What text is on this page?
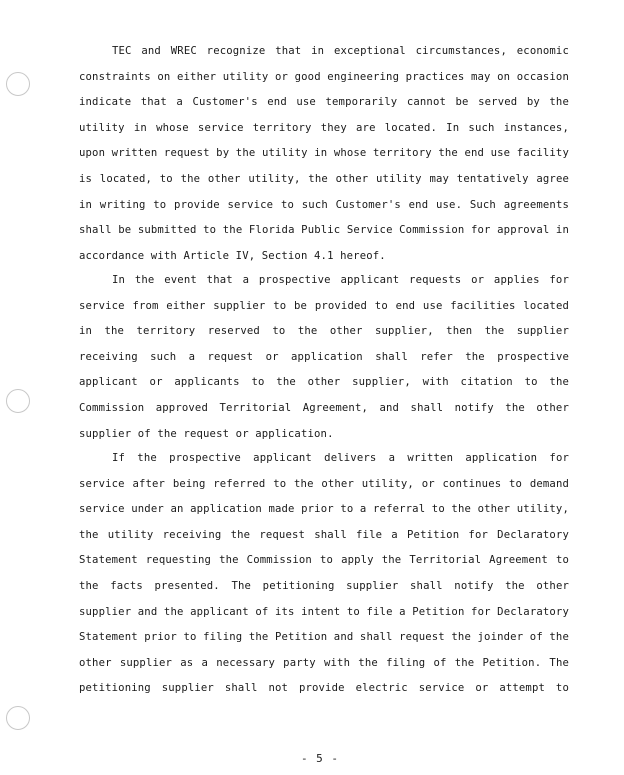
TEC and WREC recognize that in exceptional circumstances, economic
constraints on either utility or good engineering practices may on occasion
indicate that a Customer's end use temporarily cannot be served by the
utility in whose service territory they are located. In such instances,
upon written request by the utility in whose territory the end use facility
is located, to the other utility, the other utility may tentatively agree
in writing to provide service to such Customer's end use. Such agreements
shall be submitted to the Florida Public Service Commission for approval in
accordance with Article IV, Section 4.1 hereof.
In the event that a prospective applicant requests or applies for
service from either supplier to be provided to end use facilities located
in the territory reserved to the other supplier, then the supplier
receiving such a request or application shall refer the prospective
applicant or applicants to the other supplier, with citation to the
Commission approved Territorial Agreement, and shall notify the other
supplier of the request or application.
If the prospective applicant delivers a written application for
service after being referred to the other utility, or continues to demand
service under an application made prior to a referral to the other utility,
the utility receiving the request shall file a Petition for Declaratory
Statement requesting the Commission to apply the Territorial Agreement to
the facts presented. The petitioning supplier shall notify the other
supplier and the applicant of its intent to file a Petition for Declaratory
Statement prior to filing the Petition and shall request the joinder of the
other supplier as a necessary party with the filing of the Petition. The
petitioning supplier shall not provide electric service or attempt to
- 5 -
